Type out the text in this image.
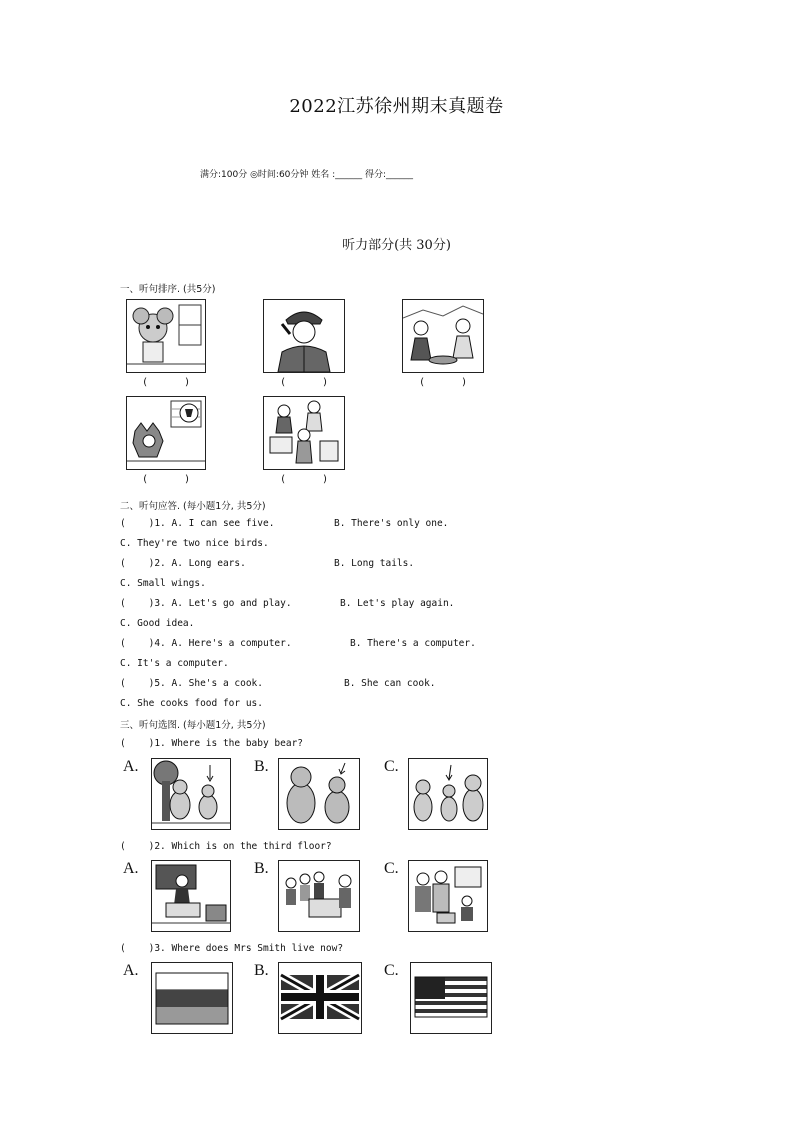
2022江苏徐州期末真题卷
满分:100分 ◎时间:60分钟 姓名 :______ 得分:______
听力部分(共 30分)
一、听句排序. (共5分)
(      )	(      )	(      )
(      )	(      )
二、听句应答. (每小题1分, 共5分)
(    )1. A. I can see five.	B. There's only one.
C. They're two nice birds.
(    )2. A. Long ears.	B. Long tails.
C. Small wings.
(    )3. A. Let's go and play.	B. Let's play again.
C. Good idea.
(    )4. A. Here's a computer.	B. There's a computer.
C. It's a computer.
(    )5. A. She's a cook.	B. She can cook.
C. She cooks food for us.
三、听句选图. (每小题1分, 共5分)
(    )1. Where is the baby bear?
A.	B.	C.
(    )2. Which is on the third floor?
A.	B.	C.
(    )3. Where does Mrs Smith live now?
A.	B.	C.
